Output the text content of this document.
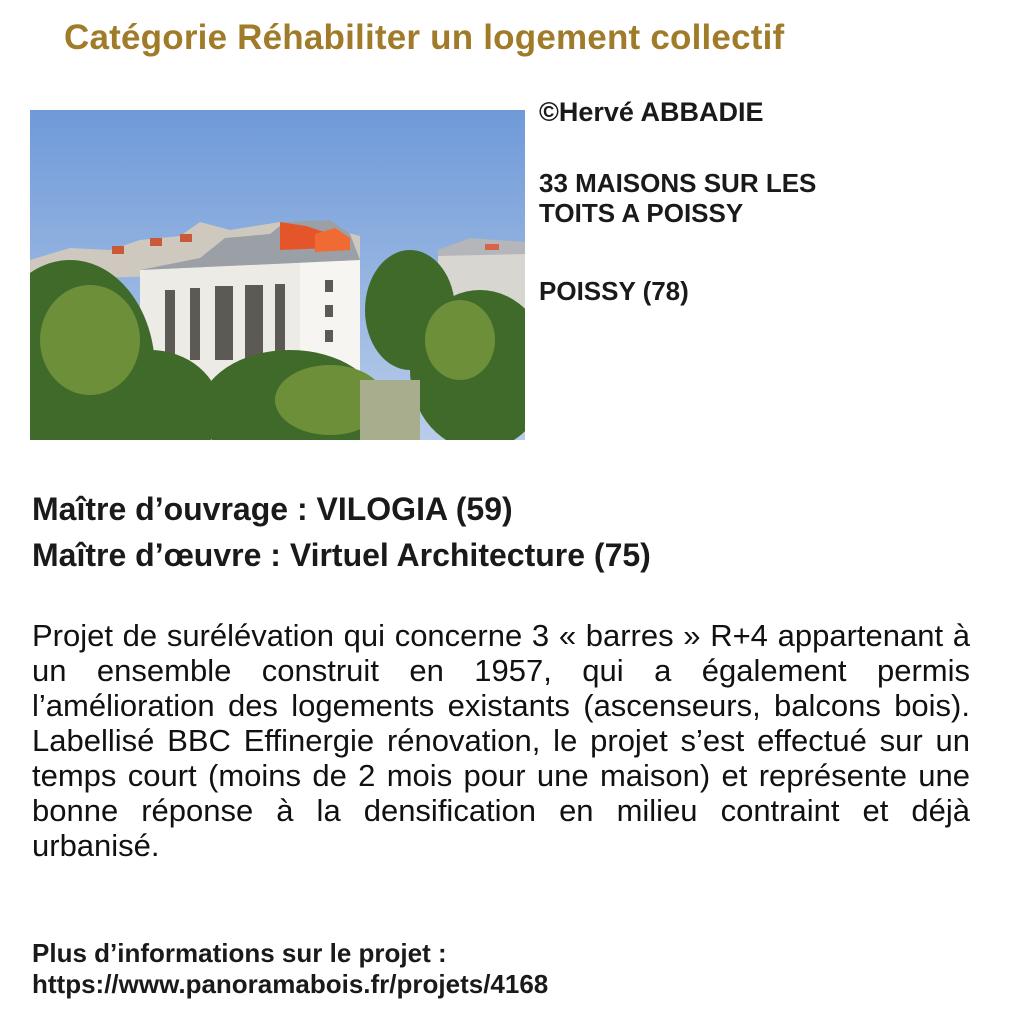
Catégorie Réhabiliter un logement collectif

©Hervé ABBADIE

33 MAISONS SUR LES
TOITS A POISSY

POISSY (78)

Maître d’ouvrage : VILOGIA (59)

Maître d’œuvre : Virtuel Architecture (75)

Projet de surélévation qui concerne 3 « barres » R+4 appartenant à un ensemble construit en 1957, qui a également permis l’amélioration des logements existants (ascenseurs, balcons bois). Labellisé BBC Effinergie rénovation, le projet s’est effectué sur un temps court (moins de 2 mois pour une maison) et représente une bonne réponse à la densification en milieu contraint et déjà urbanisé.

Plus d’informations sur le projet :

https://www.panoramabois.fr/projets/4168
